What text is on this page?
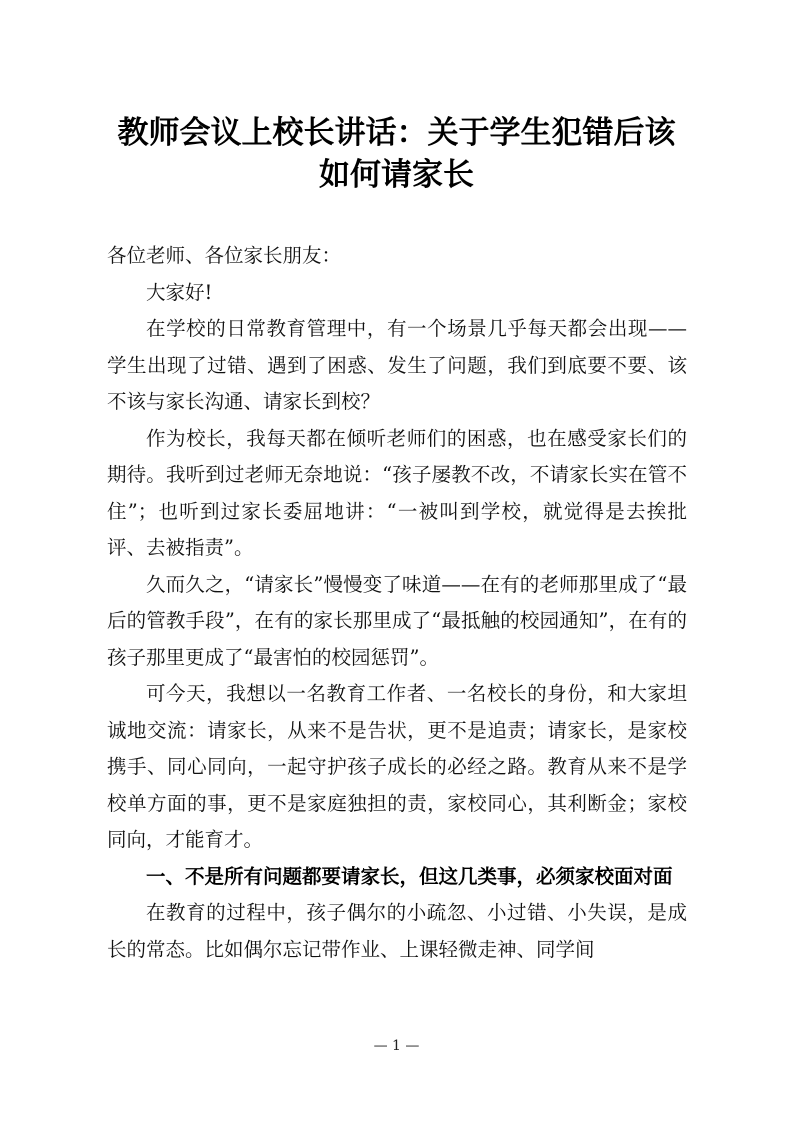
教师会议上校长讲话：关于学生犯错后该
如何请家长

各位老师、各位家长朋友：

大家好!

在学校的日常教育管理中，有一个场景几乎每天都会出现——学生出现了过错、遇到了困惑、发生了问题，我们到底要不要、该不该与家长沟通、请家长到校？

作为校长，我每天都在倾听老师们的困惑，也在感受家长们的期待。我听到过老师无奈地说：“孩子屡教不改，不请家长实在管不住”；也听到过家长委屈地讲：“一被叫到学校，就觉得是去挨批评、去被指责”。

久而久之，“请家长”慢慢变了味道——在有的老师那里成了“最后的管教手段”，在有的家长那里成了“最抵触的校园通知”，在有的孩子那里更成了“最害怕的校园惩罚”。

可今天，我想以一名教育工作者、一名校长的身份，和大家坦诚地交流：请家长，从来不是告状，更不是追责；请家长，是家校携手、同心同向，一起守护孩子成长的必经之路。教育从来不是学校单方面的事，更不是家庭独担的责，家校同心，其利断金；家校同向，才能育才。

一、不是所有问题都要请家长，但这几类事，必须家校面对面

在教育的过程中，孩子偶尔的小疏忽、小过错、小失误，是成长的常态。比如偶尔忘记带作业、上课轻微走神、同学间

— 1 —
